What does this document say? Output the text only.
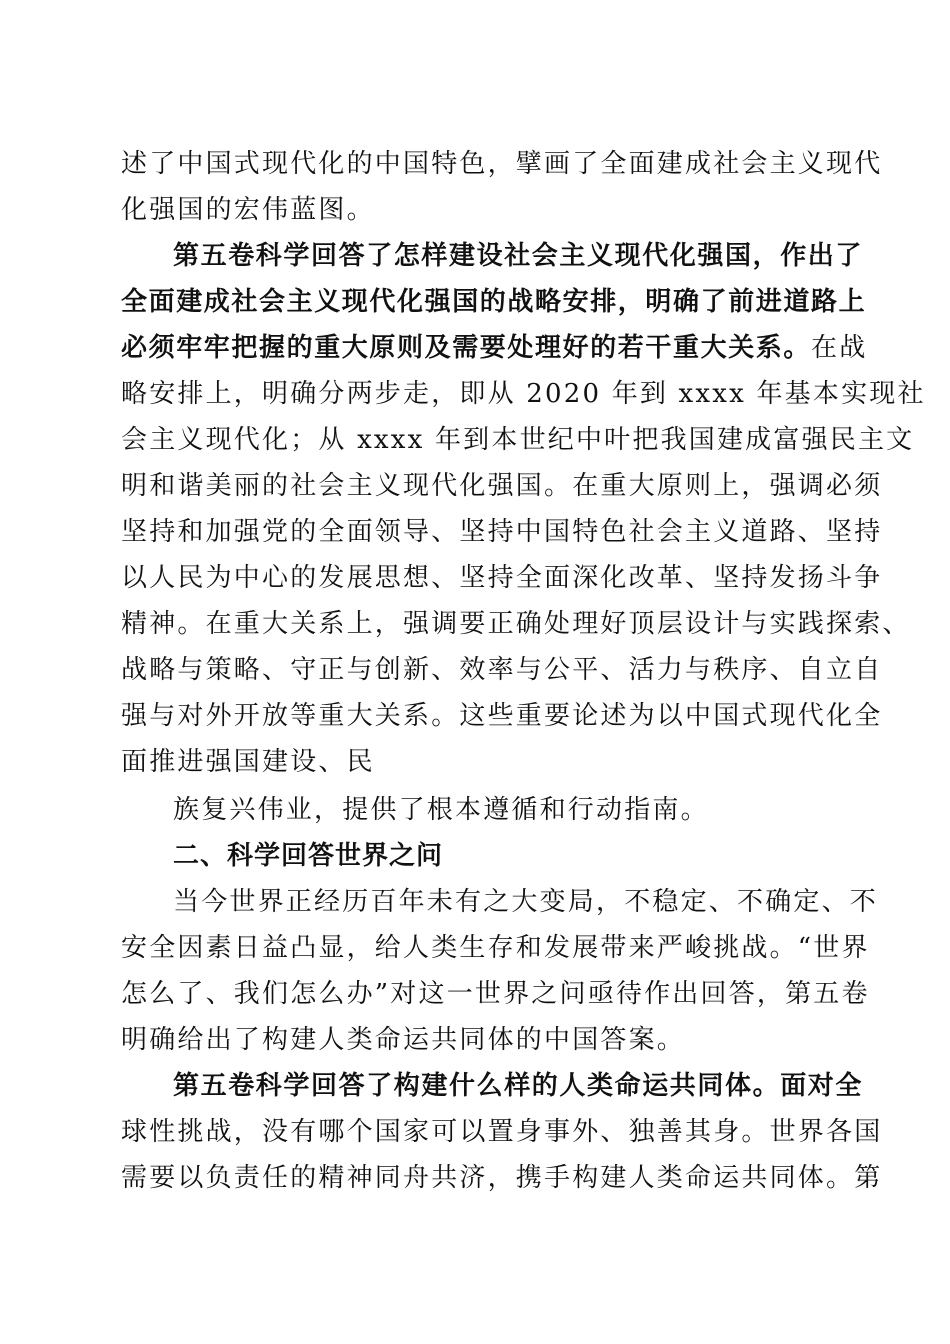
述了中国式现代化的中国特色，擘画了全面建成社会主义现代
化强国的宏伟蓝图。
第五卷科学回答了怎样建设社会主义现代化强国，作出了
全面建成社会主义现代化强国的战略安排，明确了前进道路上
必须牢牢把握的重大原则及需要处理好的若干重大关系。在战
略安排上，明确分两步走，即从 2020 年到 xxxx 年基本实现社
会主义现代化；从 xxxx 年到本世纪中叶把我国建成富强民主文
明和谐美丽的社会主义现代化强国。在重大原则上，强调必须
坚持和加强党的全面领导、坚持中国特色社会主义道路、坚持
以人民为中心的发展思想、坚持全面深化改革、坚持发扬斗争
精神。在重大关系上，强调要正确处理好顶层设计与实践探索、
战略与策略、守正与创新、效率与公平、活力与秩序、自立自
强与对外开放等重大关系。这些重要论述为以中国式现代化全
面推进强国建设、民
族复兴伟业，提供了根本遵循和行动指南。
二、科学回答世界之问
当今世界正经历百年未有之大变局，不稳定、不确定、不
安全因素日益凸显，给人类生存和发展带来严峻挑战。“世界
怎么了、我们怎么办”对这一世界之问亟待作出回答，第五卷
明确给出了构建人类命运共同体的中国答案。
第五卷科学回答了构建什么样的人类命运共同体。面对全
球性挑战，没有哪个国家可以置身事外、独善其身。世界各国
需要以负责任的精神同舟共济，携手构建人类命运共同体。第
